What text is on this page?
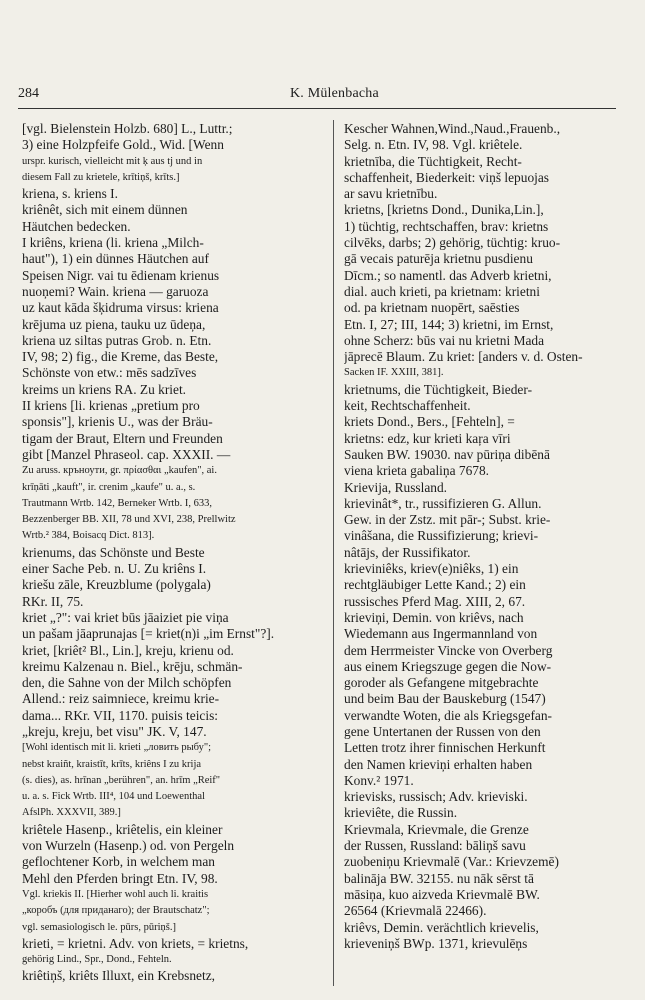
284	K. Mülenbacha
[vgl. Bielenstein Holzb. 680] L., Luttr.;
3) eine Holzpfeife Gold., Wid. [Wenn
urspr. kurisch, vielleicht mit ķ aus tj und in
diesem Fall zu krietele, krītiņš, krīts.]
kriena, s. kriens I.
kriênêt, sich mit einem dünnen
Häutchen bedecken.
I kriêns, kriena (li. kriena „Milch-
haut"), 1) ein dünnes Häutchen auf
Speisen Nigr. vai tu ēdienam krienus
nuoņemi? Wain. kriena — garuoza
uz kaut kāda šķidruma virsus: kriena
krējuma uz piena, tauku uz ūdeņa,
kriena uz siltas putras Grob. n. Etn.
IV, 98; 2) fig., die Kreme, das Beste,
Schönste von etw.: mēs sadzīves
kreims un kriens RA. Zu kriet.
II kriens [li. krienas „pretium pro
sponsis"], krienis U., was der Bräu-
tigam der Braut, Eltern und Freunden
gibt [Manzel Phraseol. cap. XXXII. —
Zu aruss. кръноути, gr. πρίασθαι „kaufen", ai.
krīṇāti „kauft", ir. crenim „kaufe" u. a., s.
Trautmann Wrtb. 142, Berneker Wrtb. I, 633,
Bezzenberger BB. XII, 78 und XVI, 238, Prellwitz
Wrtb.² 384, Boisacq Dict. 813].
krienums, das Schönste und Beste
einer Sache Peb. n. U. Zu kriêns I.
kriešu zāle, Kreuzblume (polygala)
RKr. II, 75.
kriet „?": vai kriet būs jāaiziet pie viņa
un pašam jāaprunajas [= kriet(n)i „im Ernst"?].
kriet, [kriêt² Bl., Lin.], kreju, krienu od.
kreimu Kalzenau n. Biel., krēju, schmän-
den, die Sahne von der Milch schöpfen
Allend.: reiz saimniece, kreimu krie-
dama... RKr. VII, 1170. puisis teicis:
„kreju, kreju, bet visu" JK. V, 147.
[Wohl identisch mit li. krieti „ловить рыбу";
nebst kraiñt, kraistīt, krīts, kriêns I zu krija
(s. dies), as. hrīnan „berühren", an. hrīm „Reif"
u. a. s. Fick Wrtb. III⁴, 104 und Loewenthal
AfslPh. XXXVII, 389.]
kriêtele Hasenp., kriêtelis, ein kleiner
von Wurzeln (Hasenp.) od. von Pergeln
geflochtener Korb, in welchem man
Mehl den Pferden bringt Etn. IV, 98.
Vgl. kriekis II. [Hierher wohl auch li. kraitis
„коробъ (для приданаго); der Brautschatz";
vgl. semasiologisch le. pūrs, pūriņš.]
krieti, = krietni. Adv. von kriets, = krietns,
gehörig Lind., Spr., Dond., Fehteln.
kriêtiņš, kriêts Illuxt, ein Krebsnetz,
Kescher Wahnen,Wind.,Naud.,Frauenb.,
Selg. n. Etn. IV, 98. Vgl. kriêtele.
krietnība, die Tüchtigkeit, Recht-
schaffenheit, Biederkeit: viņš lepuojas
ar savu krietnību.
krietns, [krietns Dond., Dunika,Lin.],
1) tüchtig, rechtschaffen, brav: krietns
cilvēks, darbs; 2) gehörig, tüchtig: kruo-
gā vecais paturēja krietnu pusdienu
Dīcm.; so namentl. das Adverb krietni,
dial. auch krieti, pa krietnam: krietni
od. pa krietnam nuopērt, saēsties
Etn. I, 27; III, 144; 3) krietni, im Ernst,
ohne Scherz: būs vai nu krietni Mada
jāprecē Blaum. Zu kriet: [anders v. d. Osten-
Sacken IF. XXIII, 381].
krietnums, die Tüchtigkeit, Bieder-
keit, Rechtschaffenheit.
kriets Dond., Bers., [Fehteln], =
krietns: edz, kur krieti kaŗa vīri
Sauken BW. 19030. nav pūriņa dibēnā
viena krieta gabaliņa 7678.
Krievija, Russland.
krievinât*, tr., russifizieren G. Allun.
Gew. in der Zstz. mit pār-; Subst. krie-
vinâšana, die Russifizierung; krievi-
nâtājs, der Russifikator.
krieviniêks, kriev(e)niêks, 1) ein
rechtgläubiger Lette Kand.; 2) ein
russisches Pferd Mag. XIII, 2, 67.
krieviņi, Demin. von kriêvs, nach
Wiedemann aus Ingermannland von
dem Herrmeister Vincke von Overberg
aus einem Kriegszuge gegen die Now-
goroder als Gefangene mitgebrachte
und beim Bau der Bauskeburg (1547)
verwandte Woten, die als Kriegsgefan-
gene Untertanen der Russen von den
Letten trotz ihrer finnischen Herkunft
den Namen krieviņi erhalten haben
Konv.² 1971.
krievisks, russisch; Adv. krieviski.
krieviête, die Russin.
Krievmala, Krievmale, die Grenze
der Russen, Russland: bāliņš savu
zuobeniņu Krievmalē (Var.: Krievzemē)
balināja BW. 32155. nu nāk sērst tā
māsiņa, kuo aizveda Krievmalē BW.
26564 (Krievmalā 22466).
kriêvs, Demin. verächtlich krievelis,
krieveniņš BWp. 1371, krievulēņs
